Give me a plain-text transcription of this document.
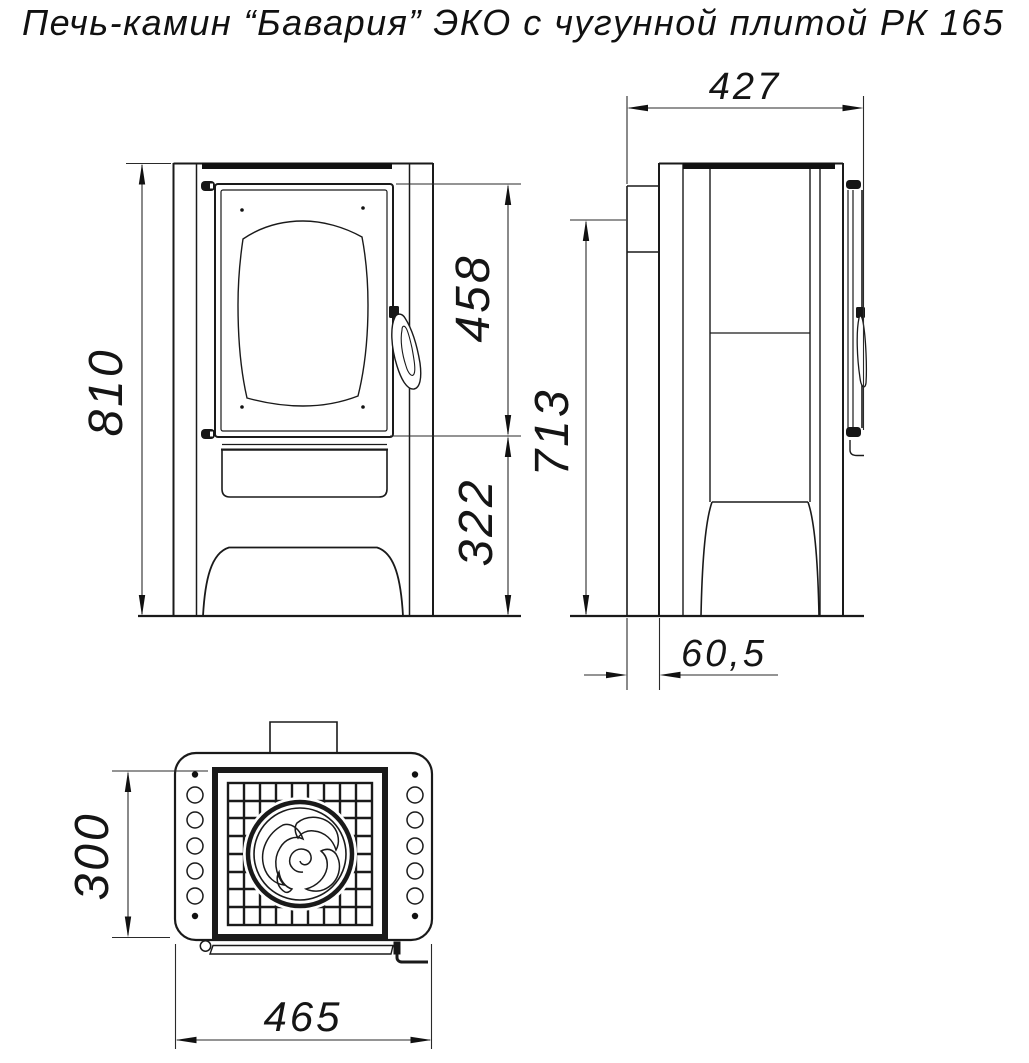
Печь-камин “Бавария” ЭКО с чугунной плитой РК 165
810
458
322
427
713
60,5
300
465
